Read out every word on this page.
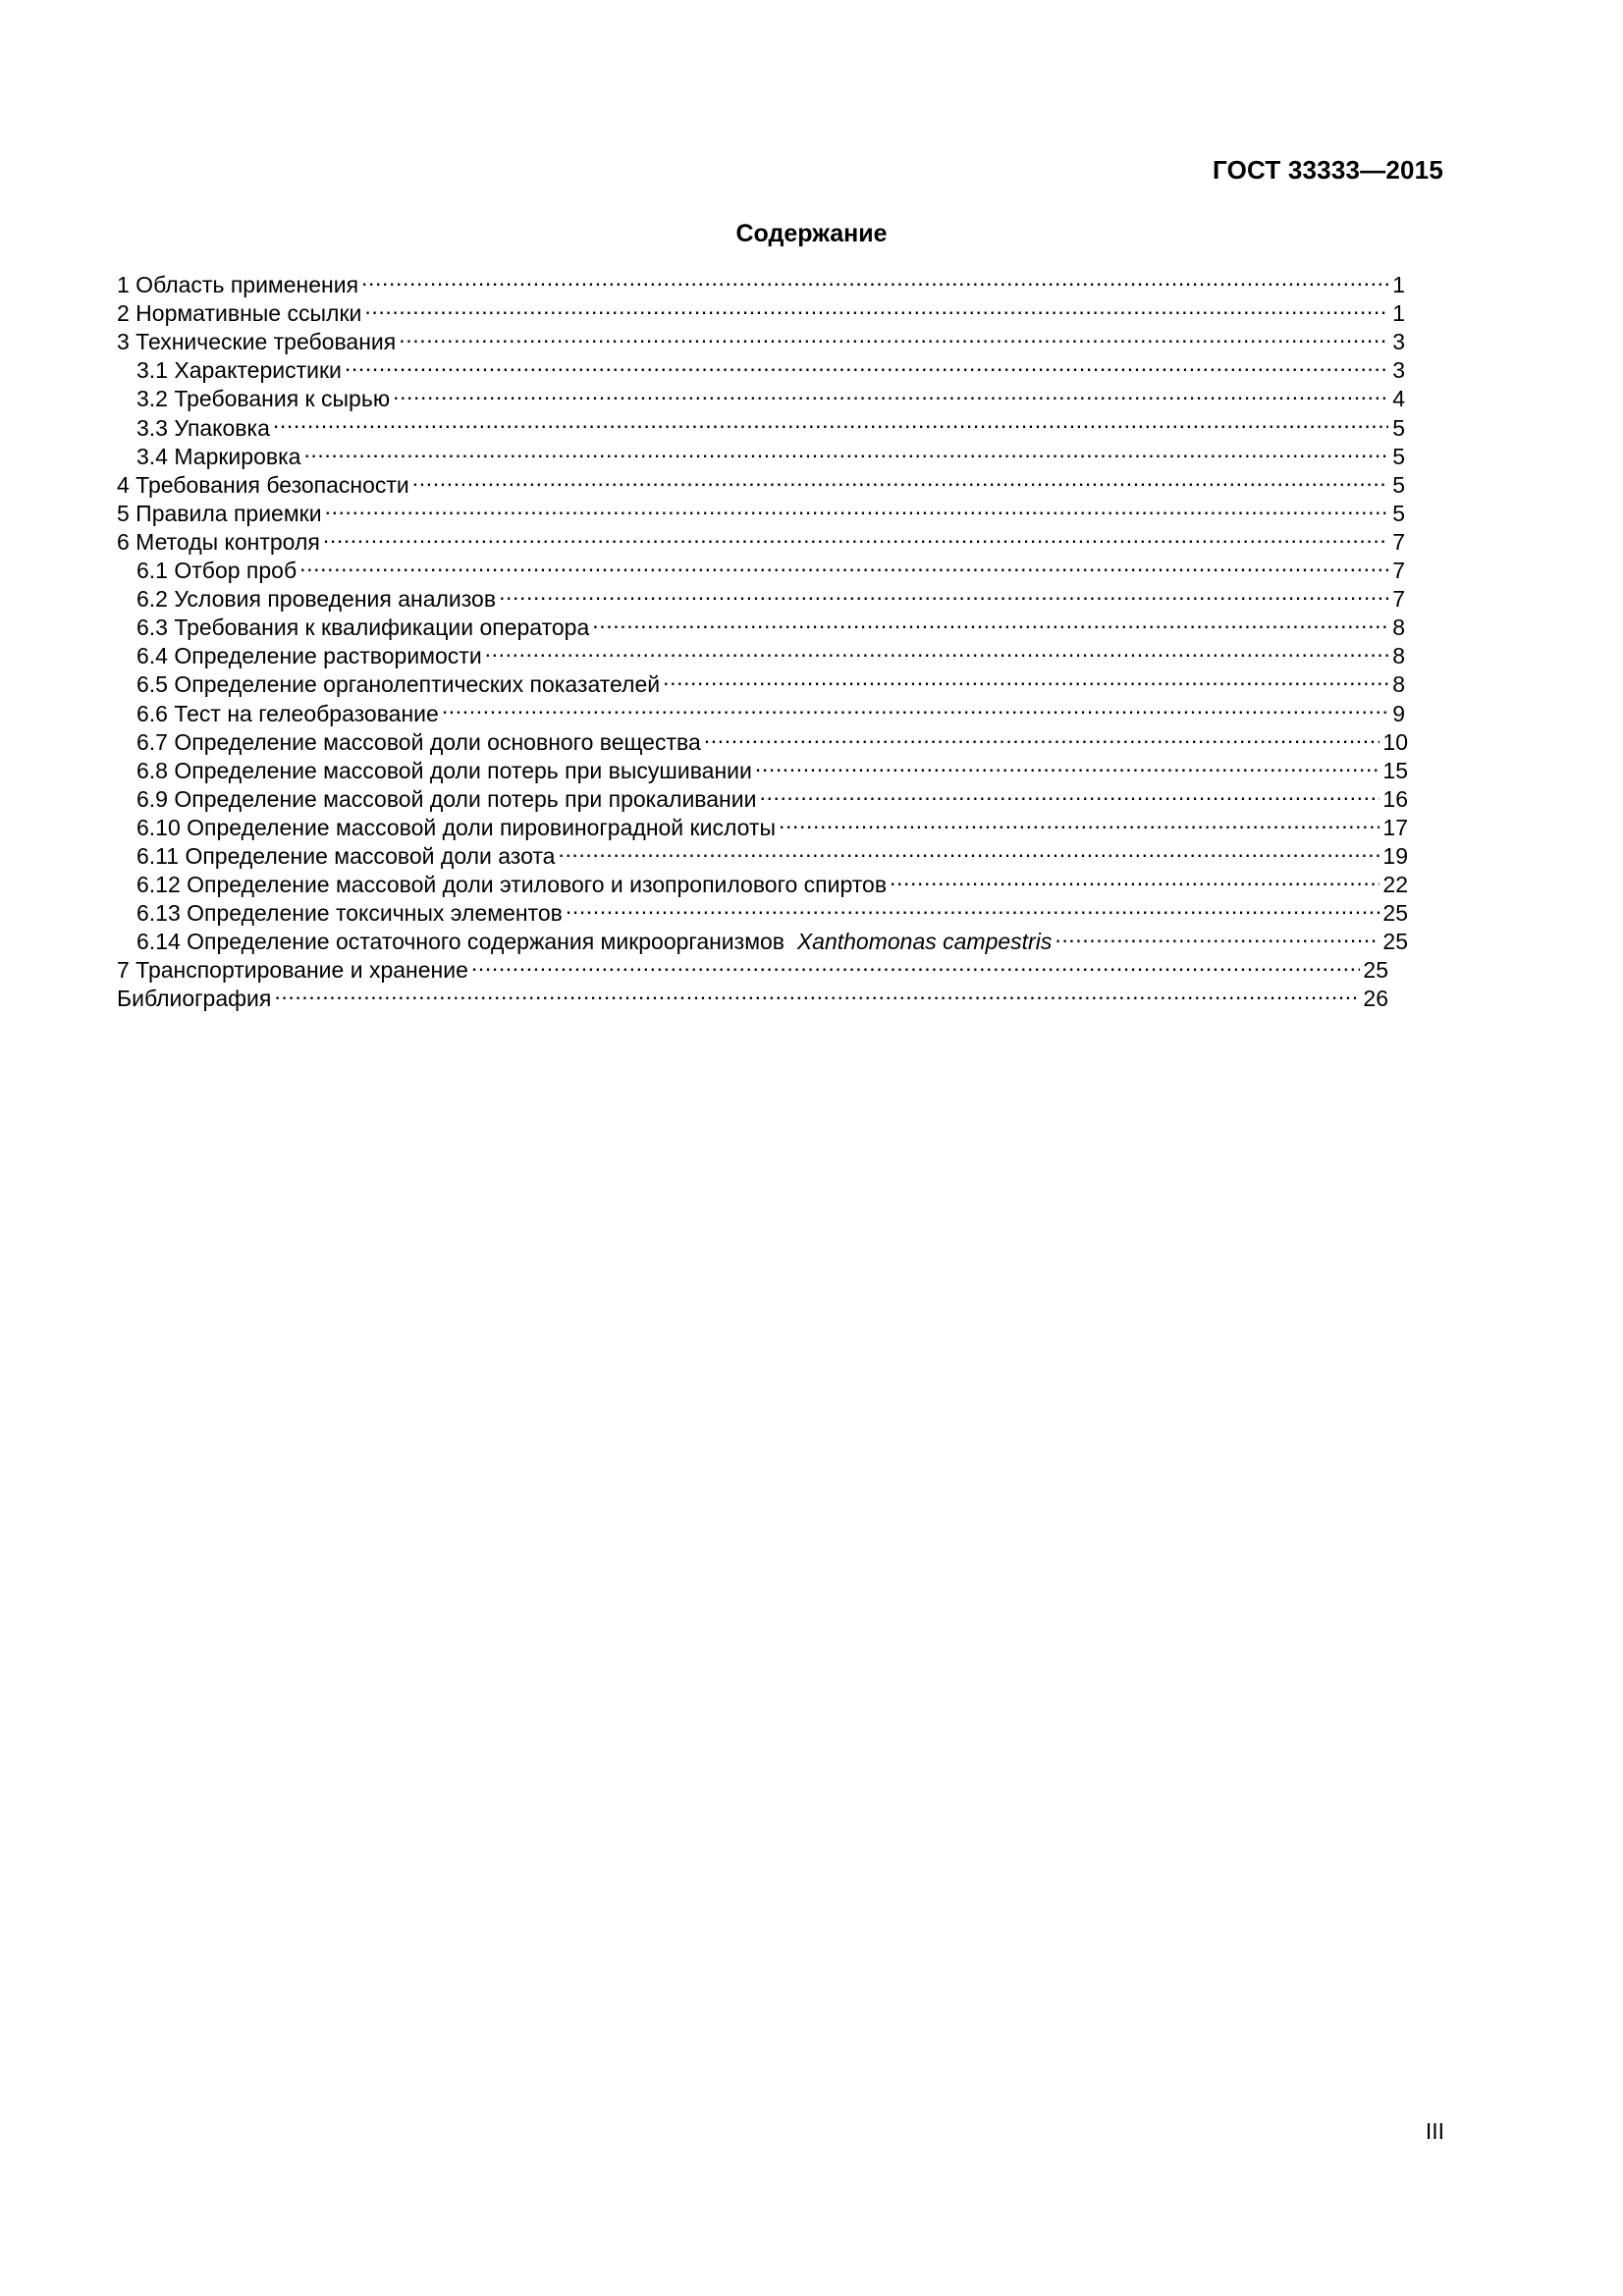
ГОСТ 33333—2015
Содержание
1 Область применения .....	1
2 Нормативные ссылки .....	1
3 Технические требования .....	3
3.1 Характеристики .....	3
3.2 Требования к сырью .....	4
3.3 Упаковка .....	5
3.4 Маркировка .....	5
4 Требования безопасности .....	5
5 Правила приемки .....	5
6 Методы контроля .....	7
6.1 Отбор проб .....	7
6.2 Условия проведения анализов .....	7
6.3 Требования к квалификации оператора .....	8
6.4 Определение растворимости .....	8
6.5 Определение органолептических показателей .....	8
6.6 Тест на гелеобразование .....	9
6.7 Определение массовой доли основного вещества .....	10
6.8 Определение массовой доли потерь при высушивании .....	15
6.9 Определение массовой доли потерь при прокаливании .....	16
6.10 Определение массовой доли пировиноградной кислоты .....	17
6.11 Определение массовой доли азота .....	19
6.12 Определение массовой доли этилового и изопропилового спиртов .....	22
6.13 Определение токсичных элементов .....	25
6.14 Определение остаточного содержания микроорганизмов Xanthomonas campestris .....	25
7 Транспортирование и хранение .....	25
Библиография .....	26
III
